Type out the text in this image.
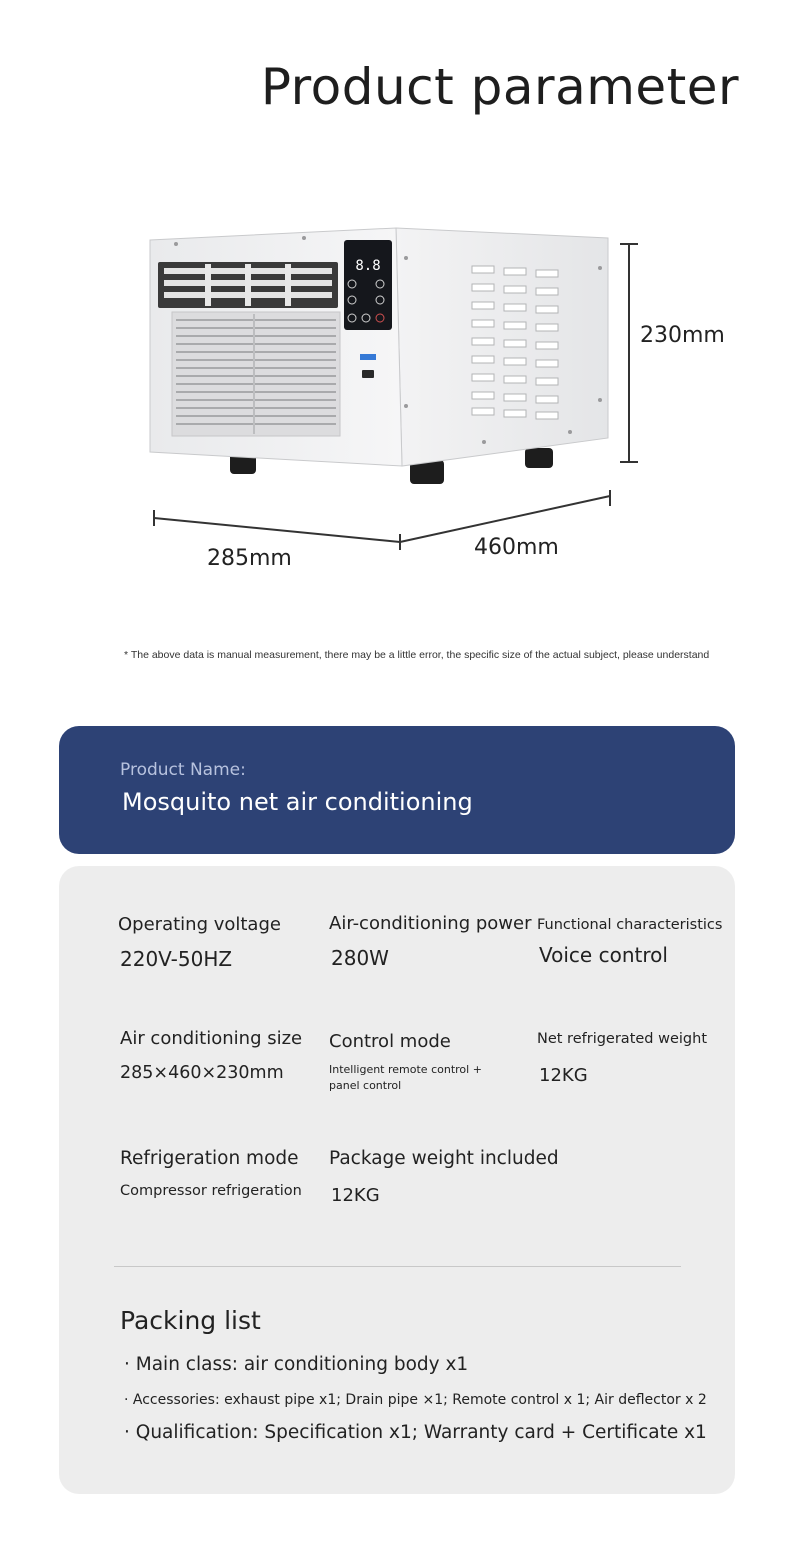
Product parameter
8.8
230mm
285mm	460mm
* The above data is manual measurement, there may be a little error, the specific size of the actual subject, please understand
Product Name:
Mosquito net air conditioning
Operating voltage
220V-50HZ
Air-conditioning power
280W
Functional characteristics
Voice control
Air conditioning size
285×460×230mm
Control mode
Intelligent remote control + panel control
Net refrigerated weight
12KG
Refrigeration mode
Compressor refrigeration
Package weight included
12KG
Packing list
· Main class: air conditioning body x1
· Accessories: exhaust pipe x1; Drain pipe ×1; Remote control x 1; Air deflector x 2
· Qualification: Specification x1; Warranty card + Certificate x1
